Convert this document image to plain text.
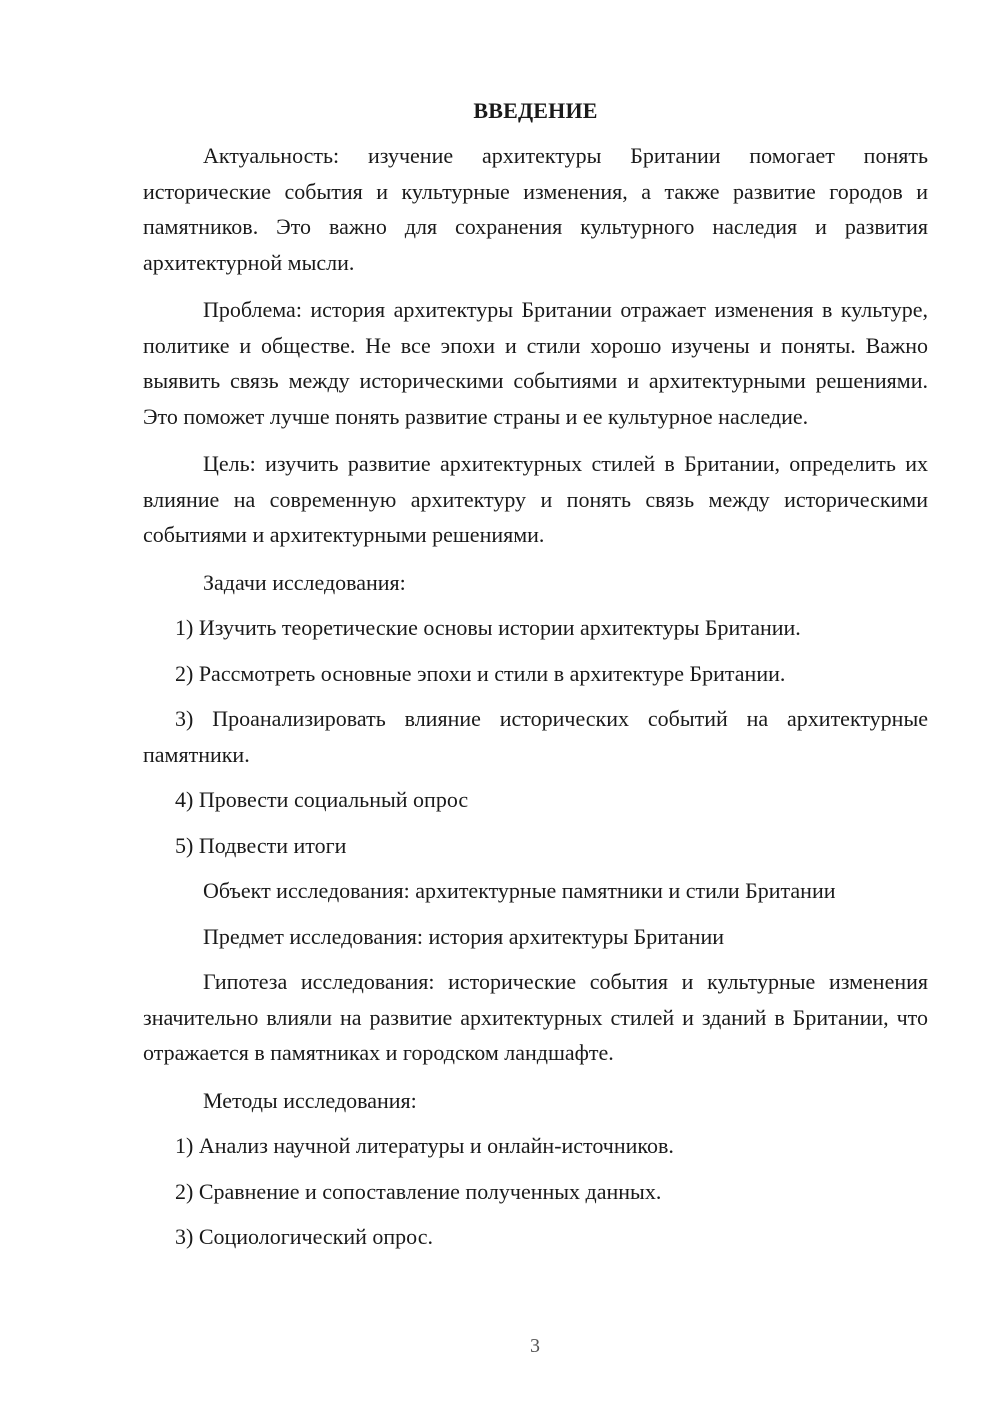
ВВЕДЕНИЕ

Актуальность: изучение архитектуры Британии помогает понять исторические события и культурные изменения, а также развитие городов и памятников. Это важно для сохранения культурного наследия и развития архитектурной мысли.

Проблема: история архитектуры Британии отражает изменения в культуре, политике и обществе. Не все эпохи и стили хорошо изучены и поняты. Важно выявить связь между историческими событиями и архитектурными решениями. Это поможет лучше понять развитие страны и ее культурное наследие.

Цель: изучить развитие архитектурных стилей в Британии, определить их влияние на современную архитектуру и понять связь между историческими событиями и архитектурными решениями.

Задачи исследования:

1) Изучить теоретические основы истории архитектуры Британии.

2) Рассмотреть основные эпохи и стили в архитектуре Британии.

3) Проанализировать влияние исторических событий на архитектурные памятники.

4) Провести социальный опрос

5) Подвести итоги

Объект исследования: архитектурные памятники и стили Британии

Предмет исследования: история архитектуры Британии

Гипотеза исследования: исторические события и культурные изменения значительно влияли на развитие архитектурных стилей и зданий в Британии, что отражается в памятниках и городском ландшафте.

Методы исследования:

1) Анализ научной литературы и онлайн-источников.

2) Сравнение и сопоставление полученных данных.

3) Социологический опрос.

3
